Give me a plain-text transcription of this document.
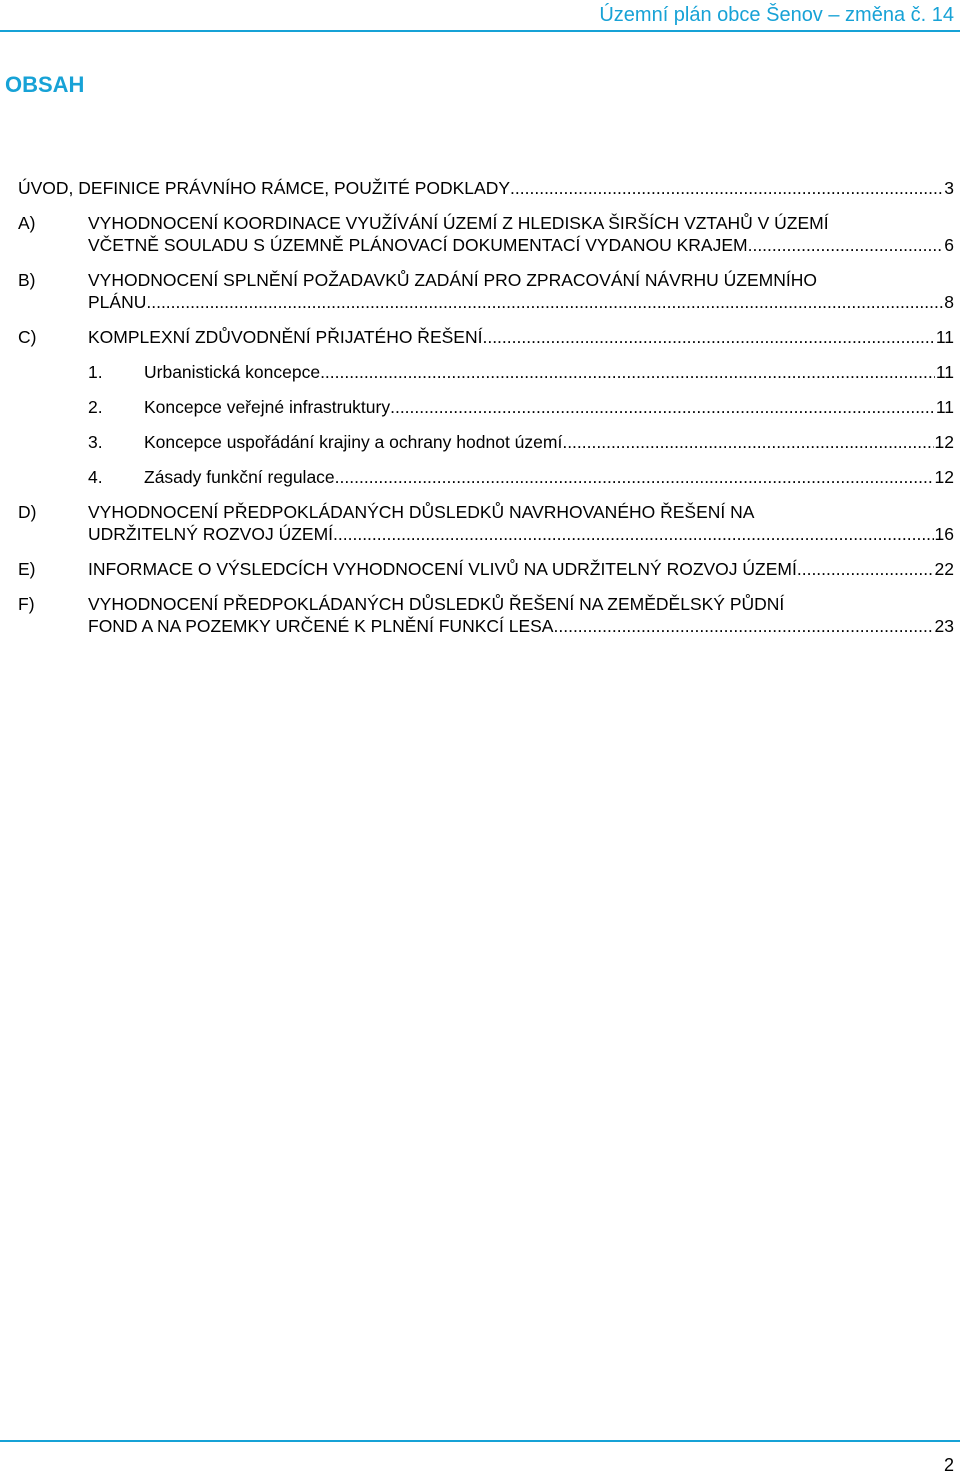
Územní plán obce Šenov – změna č. 14
OBSAH
ÚVOD, DEFINICE PRÁVNÍHO RÁMCE, POUŽITÉ PODKLADY .....	3
A)	VYHODNOCENÍ KOORDINACE VYUŽÍVÁNÍ ÚZEMÍ Z HLEDISKA ŠIRŠÍCH VZTAHŮ V ÚZEMÍ
VČETNĚ SOULADU S ÚZEMNĚ PLÁNOVACÍ DOKUMENTACÍ VYDANOU KRAJEM .....	6
B)	VYHODNOCENÍ SPLNĚNÍ POŽADAVKŮ ZADÁNÍ PRO ZPRACOVÁNÍ NÁVRHU ÚZEMNÍHO
PLÁNU .....	8
C)	KOMPLEXNÍ ZDŮVODNĚNÍ PŘIJATÉHO ŘEŠENÍ .....	11
1.	Urbanistická koncepce .....	11
2.	Koncepce veřejné infrastruktury .....	11
3.	Koncepce uspořádání krajiny a ochrany hodnot území .....	12
4.	Zásady funkční regulace .....	12
D)	VYHODNOCENÍ PŘEDPOKLÁDANÝCH DŮSLEDKŮ NAVRHOVANÉHO ŘEŠENÍ NA
UDRŽITELNÝ ROZVOJ ÚZEMÍ .....	16
E)	INFORMACE O VÝSLEDCÍCH VYHODNOCENÍ VLIVŮ NA UDRŽITELNÝ ROZVOJ ÚZEMÍ .....	22
F)	VYHODNOCENÍ PŘEDPOKLÁDANÝCH DŮSLEDKŮ ŘEŠENÍ NA ZEMĚDĚLSKÝ PŮDNÍ
FOND A NA POZEMKY URČENÉ K PLNĚNÍ FUNKCÍ LESA .....	23
2
